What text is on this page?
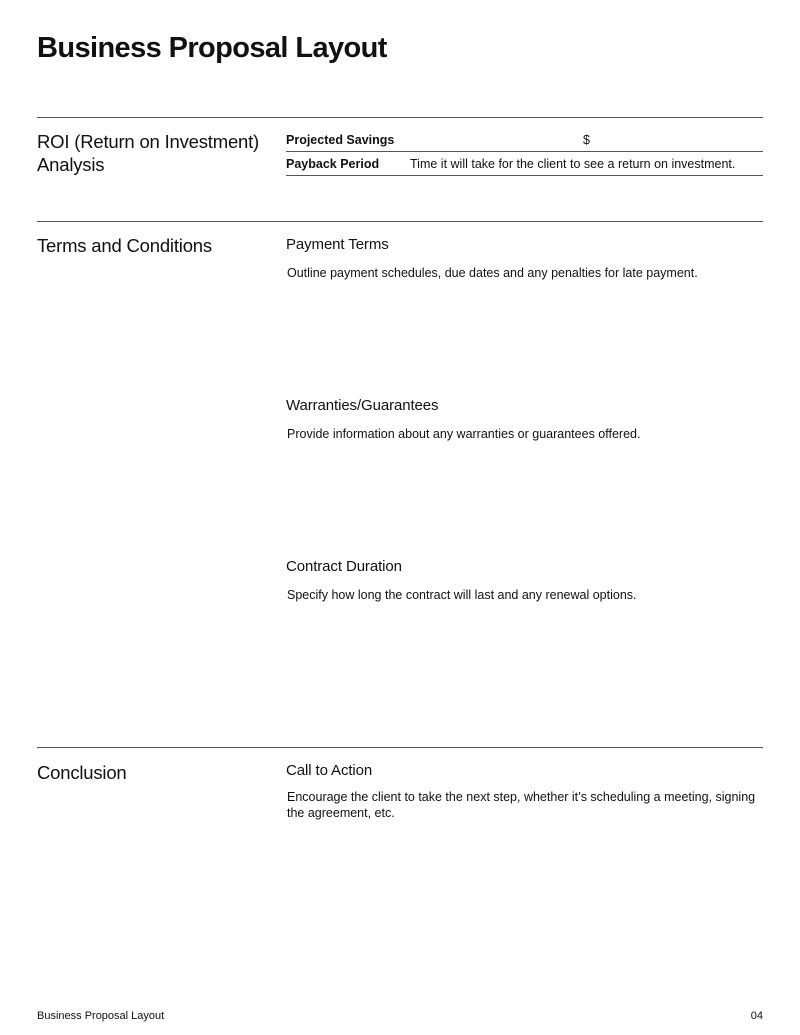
Business Proposal Layout
ROI (Return on Investment) Analysis
Projected Savings	$
Payback Period	Time it will take for the client to see a return on investment.
Terms and Conditions	Payment Terms

Outline payment schedules, due dates and any penalties for late payment.

Warranties/Guarantees

Provide information about any warranties or guarantees offered.

Contract Duration

Specify how long the contract will last and any renewal options.

Conclusion	Call to Action

Encourage the client to take the next step, whether it’s scheduling a meeting, signing the agreement, etc.

Business Proposal Layout	04
